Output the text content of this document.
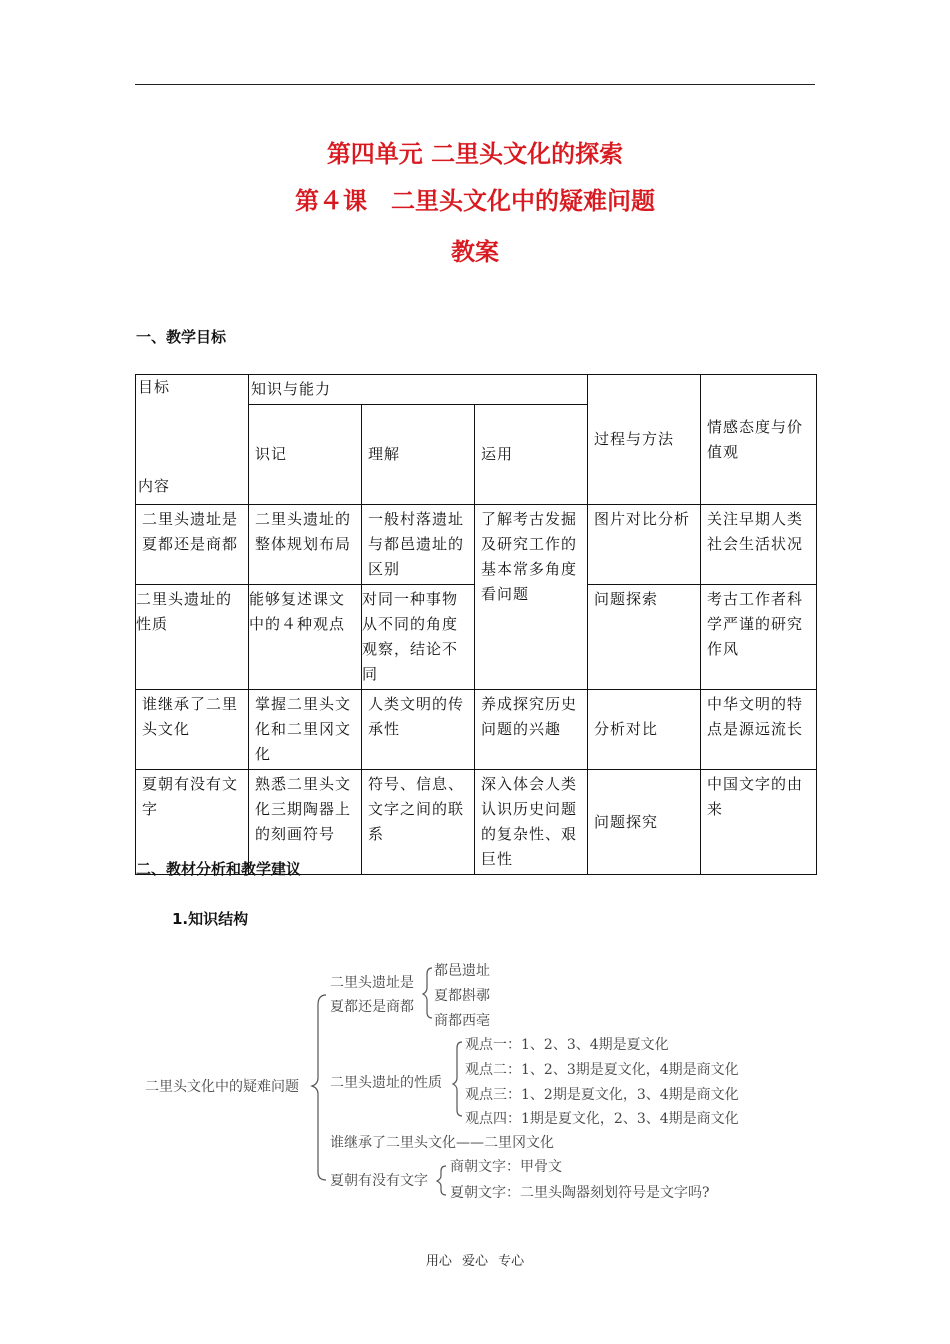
第四单元 二里头文化的探索
第４课　二里头文化中的疑难问题
教案
一、教学目标
目标
内容	知识与能力			过程与方法	情感态度与价值观
	识记	理解	运用		
二里头遗址是夏都还是商都	二里头遗址的整体规划布局	一般村落遗址与都邑遗址的区别	了解考古发掘及研究工作的基本常多角度看问题	图片对比分析	关注早期人类社会生活状况
二里头遗址的性质	能够复述课文中的４种观点	对同一种事物从不同的角度观察，结论不同		问题探索	考古工作者科学严谨的研究作风
谁继承了二里头文化	掌握二里头文化和二里冈文化	人类文明的传承性	养成探究历史问题的兴趣	分析对比	中华文明的特点是源远流长
夏朝有没有文字	熟悉二里头文化三期陶器上的刻画符号	符号、信息、文字之间的联系	深入体会人类认识历史问题的复杂性、艰巨性	问题探究	中国文字的由来
二、教材分析和教学建议
1.知识结构
二里头文化中的疑难问题
二里头遗址是
夏都还是商都
都邑遗址
夏都斟鄩
商都西亳
二里头遗址的性质
观点一：1、2、3、4期是夏文化
观点二：1、2、3期是夏文化，4期是商文化
观点三：1、2期是夏文化，3、4期是商文化
观点四：1期是夏文化，2、3、4期是商文化
谁继承了二里头文化——二里冈文化
夏朝有没有文字
商朝文字：甲骨文
夏朝文字：二里头陶器刻划符号是文字吗?
用心 爱心 专心
